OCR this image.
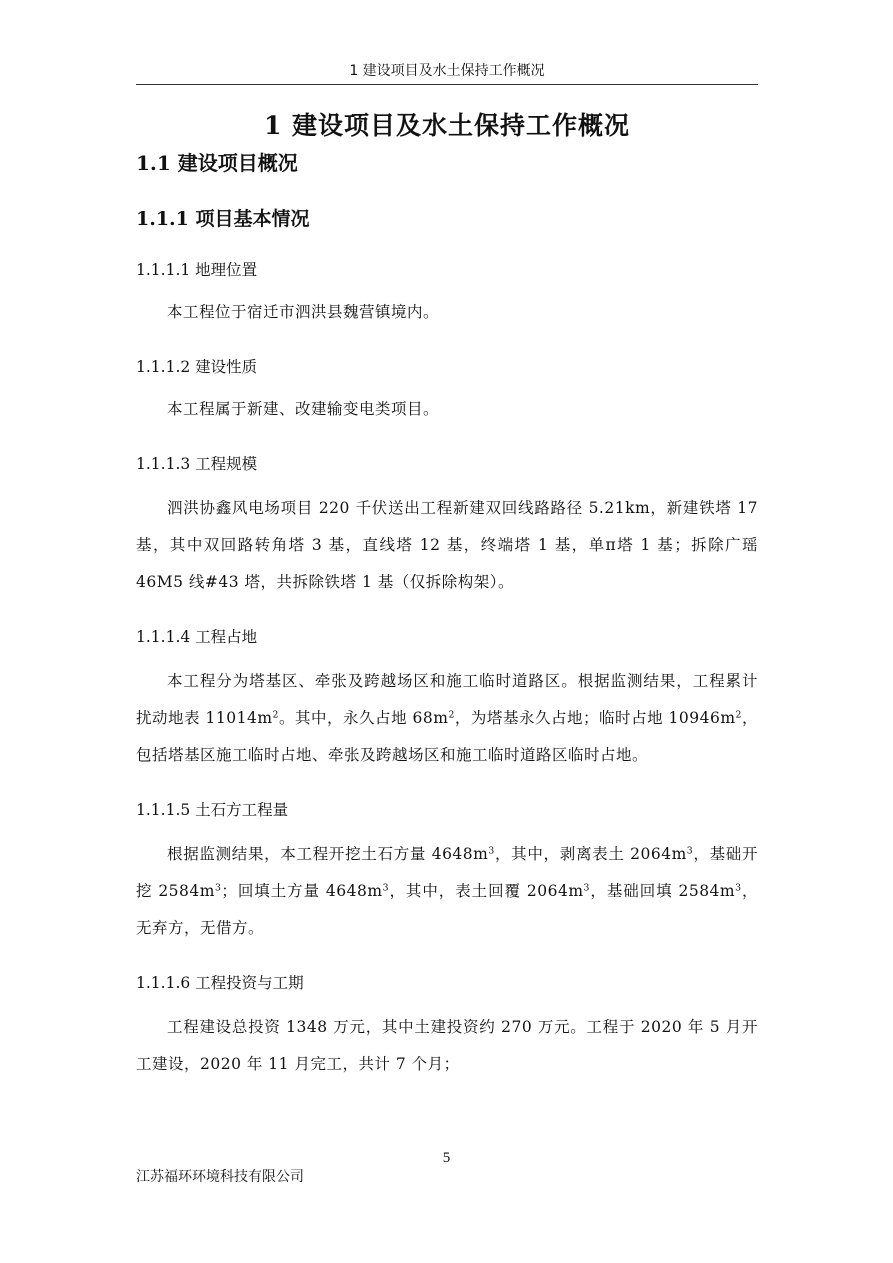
1 建设项目及水土保持工作概况
1 建设项目及水土保持工作概况
1.1 建设项目概况
1.1.1 项目基本情况
1.1.1.1 地理位置
本工程位于宿迁市泗洪县魏营镇境内。
1.1.1.2 建设性质
本工程属于新建、改建输变电类项目。
1.1.1.3 工程规模
泗洪协鑫风电场项目 220 千伏送出工程新建双回线路路径 5.21km，新建铁塔 17 基，其中双回路转角塔 3 基，直线塔 12 基，终端塔 1 基，单π塔 1 基；拆除广瑶 46M5 线#43 塔，共拆除铁塔 1 基（仅拆除构架）。
1.1.1.4 工程占地
本工程分为塔基区、牵张及跨越场区和施工临时道路区。根据监测结果，工程累计扰动地表 $11014m^2$。其中，永久占地 $68m^2$，为塔基永久占地；临时占地 $10946m^2$，包括塔基区施工临时占地、牵张及跨越场区和施工临时道路区临时占地。
1.1.1.5 土石方工程量
根据监测结果，本工程开挖土石方量 $4648m^3$，其中，剥离表土 $2064m^3$，基础开挖 $2584m^3$；回填土方量 $4648m^3$，其中，表土回覆 $2064m^3$，基础回填 $2584m^3$，无弃方，无借方。
1.1.1.6 工程投资与工期
工程建设总投资 1348 万元，其中土建投资约 270 万元。工程于 2020 年 5 月开工建设，2020 年 11 月完工，共计 7 个月；
5
江苏福环环境科技有限公司
